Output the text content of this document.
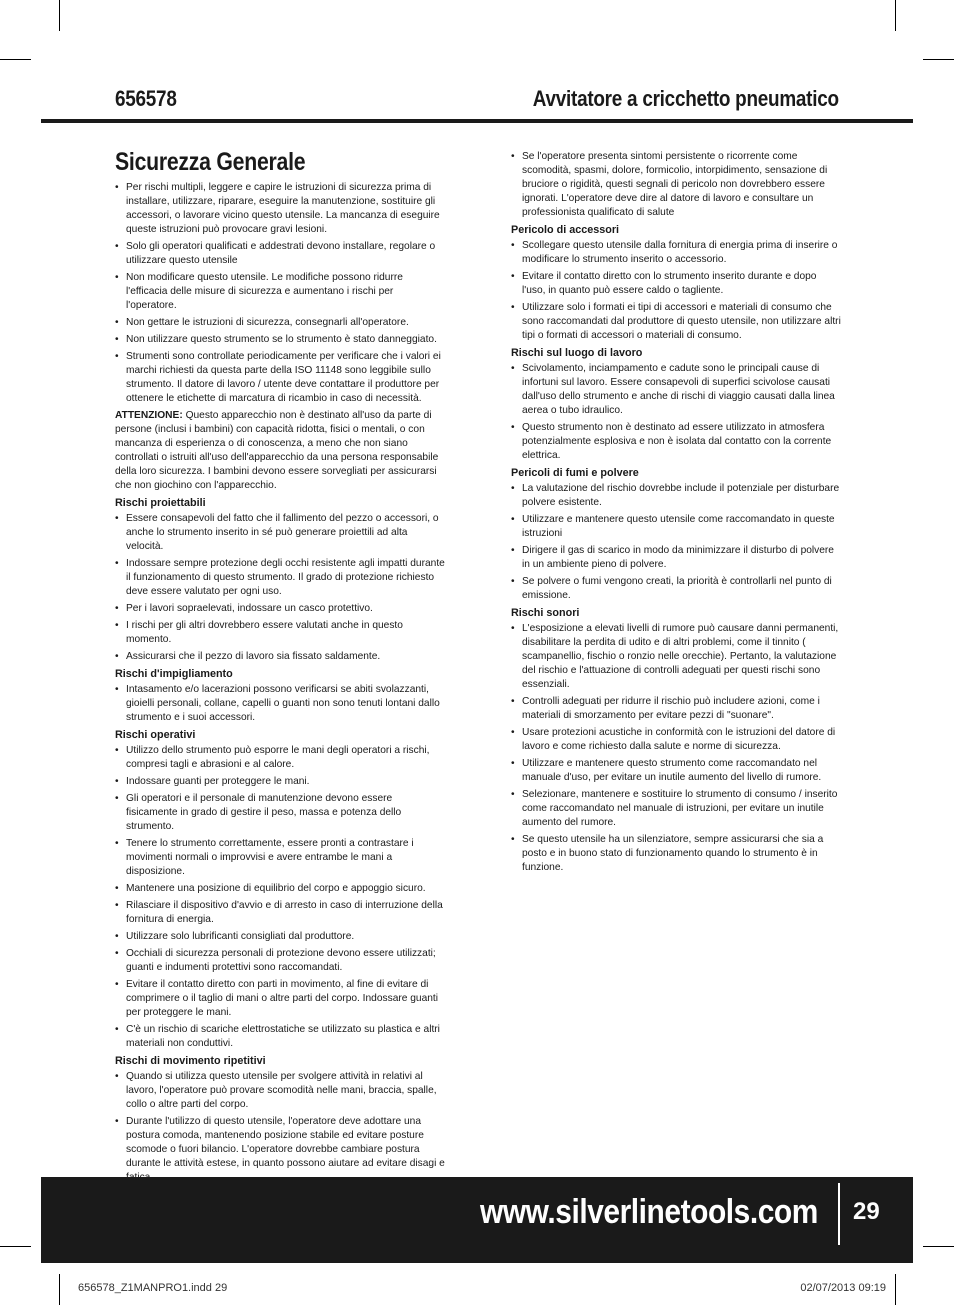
656578	Avvitatore a cricchetto pneumatico
Sicurezza Generale
• Per rischi multipli, leggere e capire le istruzioni di sicurezza prima di installare, utilizzare, riparare, eseguire la manutenzione, sostituire gli accessori, o lavorare vicino questo utensile. La mancanza di eseguire queste istruzioni può provocare gravi lesioni.
• Solo gli operatori qualificati e addestrati devono installare, regolare o utilizzare questo utensile
• Non modificare questo utensile. Le modifiche possono ridurre l'efficacia delle misure di sicurezza e aumentano i rischi per l'operatore.
• Non gettare le istruzioni di sicurezza, consegnarli all'operatore.
• Non utilizzare questo strumento se lo strumento è stato danneggiato.
• Strumenti sono controllate periodicamente per verificare che i valori ei marchi richiesti da questa parte della ISO 11148 sono leggibile sullo strumento. Il datore di lavoro / utente deve contattare il produttore per ottenere le etichette di marcatura di ricambio in caso di necessità.

ATTENZIONE: Questo apparecchio non è destinato all'uso da parte di persone (inclusi i bambini) con capacità ridotta, fisici o mentali, o con mancanza di esperienza o di conoscenza, a meno che non siano controllati o istruiti all'uso dell'apparecchio da una persona responsabile della loro sicurezza. I bambini devono essere sorvegliati per assicurarsi che non giochino con l'apparecchio.

Rischi proiettabili
• Essere consapevoli del fatto che il fallimento del pezzo o accessori, o anche lo strumento inserito in sé può generare proiettili ad alta velocità.
• Indossare sempre protezione degli occhi resistente agli impatti durante il funzionamento di questo strumento. Il grado di protezione richiesto deve essere valutato per ogni uso.
• Per i lavori sopraelevati, indossare un casco protettivo.
• I rischi per gli altri dovrebbero essere valutati anche in questo momento.
• Assicurarsi che il pezzo di lavoro sia fissato saldamente.
Rischi d'impigliamento
• Intasamento e/o lacerazioni possono verificarsi se abiti svolazzanti, gioielli personali, collane, capelli o guanti non sono tenuti lontani dallo strumento e i suoi accessori.
Rischi operativi
• Utilizzo dello strumento può esporre le mani degli operatori a rischi, compresi tagli e abrasioni e al calore.
• Indossare guanti per proteggere le mani.
• Gli operatori e il personale di manutenzione devono essere fisicamente in grado di gestire il peso, massa e potenza dello strumento.
• Tenere lo strumento correttamente, essere pronti a contrastare i movimenti normali o improvvisi e avere entrambe le mani a disposizione.
• Mantenere una posizione di equilibrio del corpo e appoggio sicuro.
• Rilasciare il dispositivo d'avvio e di arresto in caso di interruzione della fornitura di energia.
• Utilizzare solo lubrificanti consigliati dal produttore.
• Occhiali di sicurezza personali di protezione devono essere utilizzati; guanti e indumenti protettivi sono raccomandati.
• Evitare il contatto diretto con parti in movimento, al fine di evitare di comprimere o il taglio di mani o altre parti del corpo. Indossare guanti per proteggere le mani.
• C'è un rischio di scariche elettrostatiche se utilizzato su plastica e altri materiali non conduttivi.
Rischi di movimento ripetitivi
• Quando si utilizza questo utensile per svolgere attività in relativi al lavoro, l'operatore può provare scomodità nelle mani, braccia, spalle, collo o altre parti del corpo.
• Durante l'utilizzo di questo utensile, l'operatore deve adottare una postura comoda, mantenendo posizione stabile ed evitare posture scomode o fuori bilancio. L'operatore dovrebbe cambiare postura durante le attività estese, in quanto possono aiutare ad evitare disagi e
• Se l'operatore presenta sintomi persistente o ricorrente come scomodità, spasmi, dolore, formicolio, intorpidimento, sensazione di bruciore o rigidità, questi segnali di pericolo non dovrebbero essere ignorati. L'operatore deve dire al datore di lavoro e consultare un professionista qualificato di salute
Pericolo di accessori
• Scollegare questo utensile dalla fornitura di energia prima di inserire o modificare lo strumento inserito o accessorio.
• Evitare il contatto diretto con lo strumento inserito durante e dopo l'uso, in quanto può essere caldo o tagliente.
• Utilizzare solo i formati ei tipi di accessori e materiali di consumo che sono raccomandati dal produttore di questo utensile, non utilizzare altri tipi o formati di accessori o materiali di consumo.
Rischi sul luogo di lavoro
• Scivolamento, inciampamento e cadute sono le principali cause di infortuni sul lavoro. Essere consapevoli di superfici scivolose causati dall'uso dello strumento e anche di rischi di viaggio causati dalla linea aerea o tubo idraulico.
• Questo strumento non è destinato ad essere utilizzato in atmosfera potenzialmente esplosiva e non è isolata dal contatto con la corrente elettrica.
Pericoli di fumi e polvere
• La valutazione del rischio dovrebbe include il potenziale per disturbare polvere esistente.
• Utilizzare e mantenere questo utensile come raccomandato in queste istruzioni
• Dirigere il gas di scarico in modo da minimizzare il disturbo di polvere in un ambiente pieno di polvere.
• Se polvere o fumi vengono creati, la priorità è controllarli nel punto di emissione.
Rischi sonori
• L'esposizione a elevati livelli di rumore può causare danni permanenti, disabilitare la perdita di udito e di altri problemi, come il tinnito ( scampanellio, fischio o ronzio nelle orecchie). Pertanto, la valutazione del rischio e l'attuazione di controlli adeguati per questi rischi sono essenziali.
• Controlli adeguati per ridurre il rischio può includere azioni, come i materiali di smorzamento per evitare pezzi di "suonare".
• Usare protezioni acustiche in conformità con le istruzioni del datore di lavoro e come richiesto dalla salute e norme di sicurezza.
• Utilizzare e mantenere questo strumento come raccomandato nel manuale d'uso, per evitare un inutile aumento del livello di rumore.
• Selezionare, mantenere e sostituire lo strumento di consumo / inserito come raccomandato nel manuale di istruzioni, per evitare un inutile aumento del rumore.
• Se questo utensile ha un silenziatore, sempre assicurarsi che sia a posto e in buono stato di funzionamento quando lo strumento è in funzione.
www.silverlinetools.com 29
656578_Z1MANPRO1.indd 29	02/07/2013 09:19
